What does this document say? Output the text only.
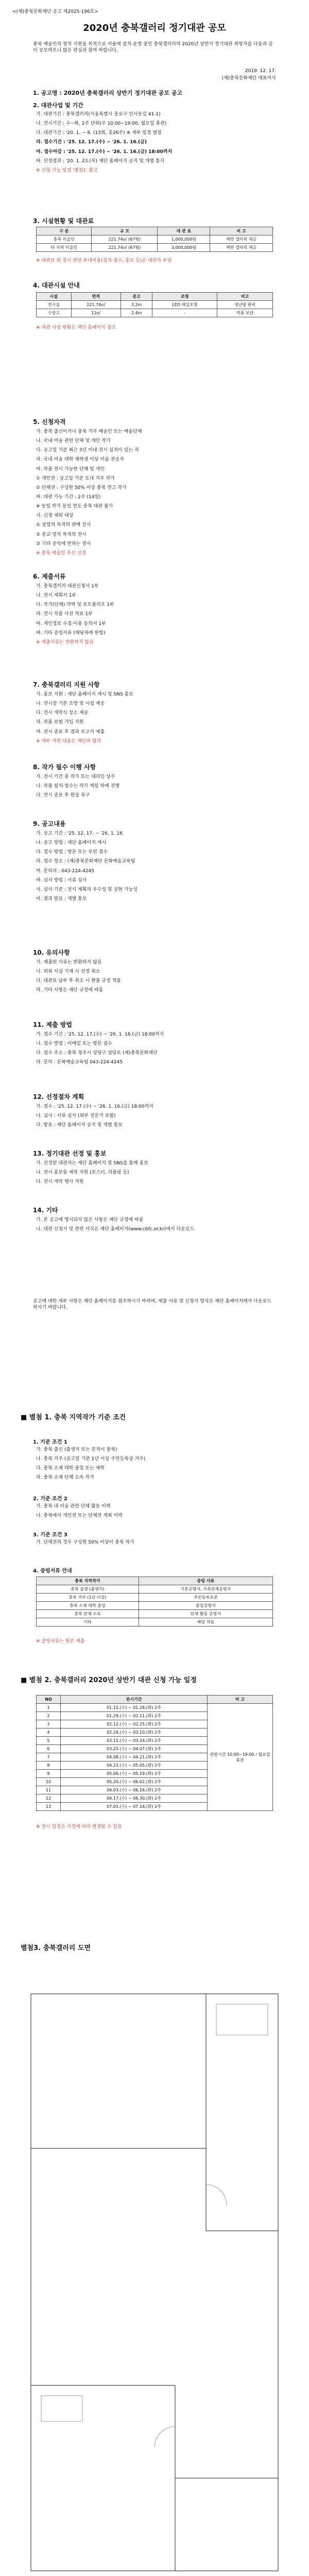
<(재)충북문화재단 공고 제2025-196호>
2020년 충북갤러리 정기대관 공모
충북 예술인의 창작 지원을 목적으로 서울에 설치·운영 중인 충북갤러리의 2020년 상반기 정기대관 희망자를 다음과 같이 공모하오니 많은 관심과 참여 바랍니다.
2019. 12. 17.
(재)충북문화재단 대표이사
1. 공고명 : 2020년 충북갤러리 상반기 정기대관 공모 공고
2. 대관사업 및 기간
가. 대관기간 : 충북갤러리(서울특별시 종로구 인사동길 41-1)
나. 전시기간 : 수~화, 2주 단위(주 10:00~19:00, 월요일 휴관)
다. 대관기간 : '20. 1. ~ 6. (13회, 총26주) ※ 세부 일정 별첨
라. 접수기간 : '25. 12. 17.(수) ~ '26. 1. 16.(금)
마. 접수마감 : '25. 12. 17.(수) ~ '26. 1. 16.(금) 18:00까지
바. 선정결과 : '20. 1. 23.(목) 재단 홈페이지 공지 및 개별 통지
※ 신청 가능 일정 '별첨1' 참고
3. 시설현황 및 대관료
구 분	규 모	대 관 료	비 고
충북 미술인	221.74㎡ (67평)	1,000,000원	벽면 갤러리 제공
타 지역 미술인	221.74㎡ (67평)	3,000,000원	벽면 갤러리 제공
※ 대관료 외 전시 관련 부대비용(설치·철수, 홍보 등)은 대관자 부담
4. 대관시설 안내
시설	면적	층고	조명	비고
전시실	221.74㎡	3.2m	LED 레일조명	냉난방 완비
수장고	12㎡	2.4m	-	작품 보관
※ 대관 시설 현황은 재단 홈페이지 참조
5. 신청자격
가. 충북 출신이거나 충북 거주 예술인 또는 예술단체
나. 국내 미술 관련 단체 및 개인 작가
다. 공고일 기준 최근 3년 이내 전시 실적이 있는 자
라. 국내 미술 대학 재학생 이상 미술 전공자
마. 작품 전시 가능한 단체 및 개인
① 개인전 : 공고일 기준 도내 거주 작가
② 단체전 : 구성원 50% 이상 충북 연고 작가
바. 대관 가능 기간 : 2주 (14일)
※ 동일 작가 동일 연도 중복 대관 불가
사. 신청 제외 대상
① 상업적 목적의 판매 전시
② 종교·정치 목적의 전시
③ 기타 공익에 반하는 전시
※ 충북 예술인 우선 선정
6. 제출서류
가. 충북갤러리 대관신청서 1부
나. 전시 계획서 1부
다. 작가(단체) 약력 및 포트폴리오 1부
라. 전시 작품 사진 자료 1부
마. 개인정보 수집·이용 동의서 1부
바. 기타 증빙서류 (해당자에 한함)
※ 제출서류는 반환하지 않음
7. 충북갤러리 지원 사항
가. 홍보 지원 : 재단 홈페이지 게시 및 SNS 홍보
나. 전시장 기본 조명 및 시설 제공
다. 전시 개막식 장소 제공
라. 작품 보험 가입 지원
마. 전시 종료 후 결과 보고서 제출
※ 세부 지원 내용은 재단과 협의
8. 작가 필수 이행 사항
가. 전시 기간 중 작가 또는 대리인 상주
나. 작품 설치·철수는 작가 책임 하에 진행
다. 전시 종료 후 원상 복구
9. 공고내용
가. 공고 기간 : '25. 12. 17. ~ '26. 1. 16.
나. 공고 방법 : 재단 홈페이지 게시
다. 접수 방법 : 방문 또는 우편 접수
라. 접수 장소 : (재)충북문화재단 문화예술교육팀
마. 문의처 : 043-224-4245
바. 심사 방법 : 서류 심사
사. 심사 기준 : 전시 계획의 우수성 및 실현 가능성
아. 결과 발표 : 개별 통보
10. 유의사항
가. 제출된 서류는 반환하지 않음
나. 허위 사실 기재 시 선정 취소
다. 대관료 납부 후 취소 시 환불 규정 적용
라. 기타 사항은 재단 규정에 따름
11. 제출 방법
가. 접수 기간 : '25. 12. 17.(수) ~ '26. 1. 16.(금) 18:00까지
나. 접수 방법 : 이메일 또는 방문 접수
다. 접수 주소 : 충북 청주시 상당구 상당로 (재)충북문화재단
라. 문의 : 문화예술교육팀 043-224-4245
12. 선정절차 계획
가. 접수 : '25. 12. 17.(수) ~ '26. 1. 16.(금) 18:00까지
나. 심사 : 서류 심사 (외부 전문가 포함)
다. 발표 : 재단 홈페이지 공지 및 개별 통보
13. 정기대관 선정 및 홍보
가. 선정된 대관자는 재단 홈페이지 및 SNS를 통해 홍보
나. 전시 홍보물 제작 지원 (포스터, 리플릿 등)
다. 전시 개막 행사 지원
14. 기타
가. 본 공고에 명시되지 않은 사항은 재단 규정에 따름
나. 대관 신청서 및 관련 서식은 재단 홈페이지(www.cbfc.or.kr)에서 다운로드
공고에 대한 세부 사항은 재단 홈페이지를 참조하시기 바라며, 제출 서류 및 신청서 양식은 재단 홈페이지에서 다운로드 하시기 바랍니다.
■ 별첨 1. 충북 지역작가 기준 조건
1. 기준 조건 1
가. 충북 출신 (출생지 또는 본적이 충북)
나. 충북 거주 (공고일 기준 1년 이상 주민등록상 거주)
다. 충북 소재 대학 졸업 또는 재학
라. 충북 소재 단체 소속 작가
2. 기준 조건 2
가. 충북 내 미술 관련 단체 활동 이력
나. 충북에서 개인전 또는 단체전 개최 이력
3. 기준 조건 3
가. 단체전의 경우 구성원 50% 이상이 충북 작가
4. 증빙서류 안내
충북 지역작가	증빙 서류
충북 출생 (출생지)	기본증명서, 가족관계증명서
충북 거주 (1년 이상)	주민등록초본
충북 소재 대학 졸업	졸업증명서
충북 단체 소속	단체 활동 증명서
기타	해당 자료
※ 증빙서류는 원본 제출
■ 별첨 2. 충북갤러리 2020년 상반기 대관 신청 가능 일정
NO	전시기간	비 고
1	01.15.(수) ~ 01.28.(화) 2주	관람시간 10:00~19:00 / 월요일 휴관
2	01.29.(수) ~ 02.11.(화) 2주	
3	02.12.(수) ~ 02.25.(화) 2주	
4	02.26.(수) ~ 03.10.(화) 2주	
5	03.11.(수) ~ 03.24.(화) 2주	
6	03.25.(수) ~ 04.07.(화) 2주	
7	04.08.(수) ~ 04.21.(화) 2주	
8	04.22.(수) ~ 05.05.(화) 2주	
9	05.06.(수) ~ 05.19.(화) 2주	
10	05.20.(수) ~ 06.02.(화) 2주	
11	06.03.(수) ~ 06.16.(화) 2주	
12	06.17.(수) ~ 06.30.(화) 2주	
13	07.01.(수) ~ 07.14.(화) 2주	
※ 전시 일정은 사정에 따라 변경될 수 있음
별첨3. 충북갤러리 도면
